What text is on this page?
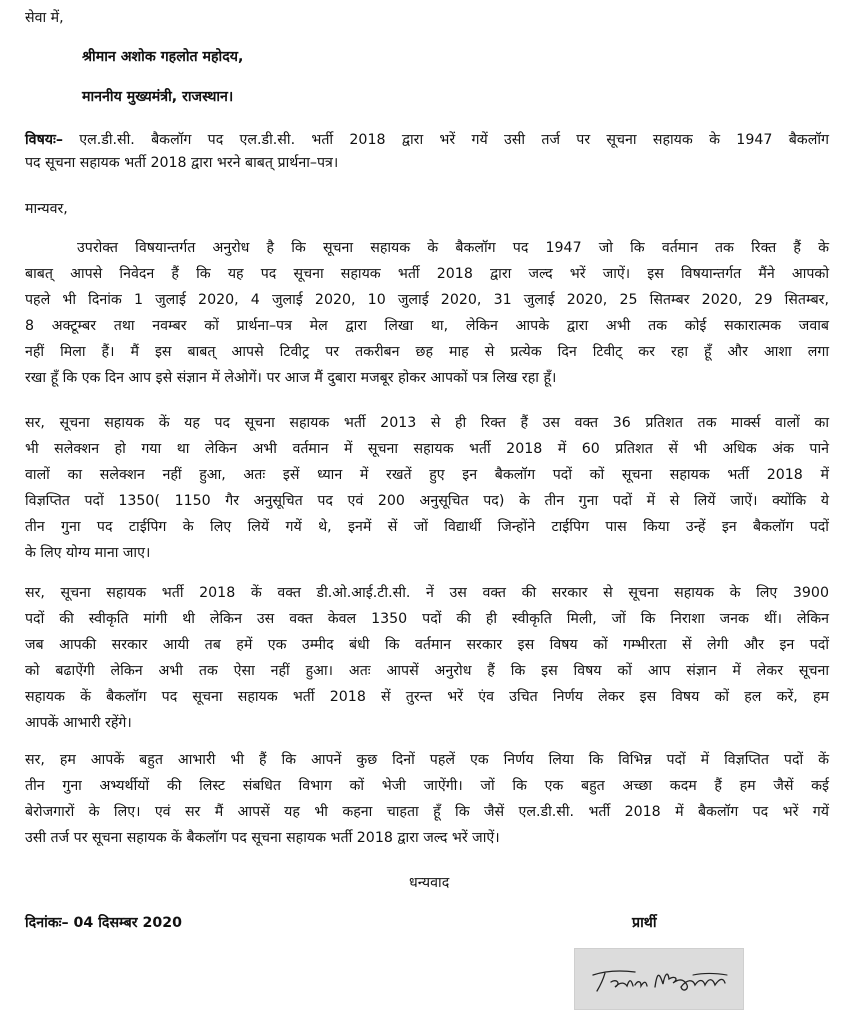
सेवा में,
श्रीमान अशोक गहलोत महोदय,
माननीय मुख्यमंत्री, राजस्थान।
विषयः– एल.डी.सी. बैकलॉग पद एल.डी.सी. भर्ती 2018 द्वारा भरें गयें उसी तर्ज पर सूचना सहायक के 1947 बैकलॉग
पद सूचना सहायक भर्ती 2018 द्वारा भरने बाबत् प्रार्थना–पत्र।
मान्यवर,
उपरोक्त विषयान्तर्गत अनुरोध है कि सूचना सहायक के बैकलॉग पद 1947 जो कि वर्तमान तक रिक्त हैं के
बाबत् आपसे निवेदन हैं कि यह पद सूचना सहायक भर्ती 2018 द्वारा जल्द भरें जाऐं। इस विषयान्तर्गत मैंने आपको
पहले भी दिनांक 1 जुलाई 2020, 4 जुलाई 2020, 10 जुलाई 2020, 31 जुलाई 2020, 25 सितम्बर 2020, 29 सितम्बर,
8 अक्टूम्बर तथा नवम्बर कों प्रार्थना–पत्र मेल द्वारा लिखा था, लेकिन आपके द्वारा अभी तक कोई सकारात्मक जवाब
नहीं मिला हैं। मैं इस बाबत् आपसे टिवीट्र पर तकरीबन छह माह से प्रत्येक दिन टिवीट् कर रहा हूँ और आशा लगा
रखा हूँ कि एक दिन आप इसे संज्ञान में लेओगें। पर आज मैं दुबारा मजबूर होकर आपकों पत्र लिख रहा हूँ।
सर, सूचना सहायक कें यह पद सूचना सहायक भर्ती 2013 से ही रिक्त हैं उस वक्त 36 प्रतिशत तक मार्क्स वालों का
भी सलेक्शन हो गया था लेकिन अभी वर्तमान में सूचना सहायक भर्ती 2018 में 60 प्रतिशत सें भी अधिक अंक पाने
वालों का सलेक्शन नहीं हुआ, अतः इसें ध्यान में रखतें हुए इन बैकलॉग पदों कों सूचना सहायक भर्ती 2018 में
विज्ञप्तित पदों 1350( 1150 गैर अनुसूचित पद एवं 200 अनुसूचित पद) के तीन गुना पदों में से लियें जाऐं। क्योंकि ये
तीन गुना पद टाईपिग के लिए लियें गयें थे, इनमें सें जों विद्यार्थी जिन्होंने टाईपिग पास किया उन्हें इन बैकलॉग पदों
के लिए योग्य माना जाए।
सर, सूचना सहायक भर्ती 2018 कें वक्त डी.ओ.आई.टी.सी. नें उस वक्त की सरकार से सूचना सहायक के लिए 3900
पदों की स्वीकृति मांगी थी लेकिन उस वक्त केवल 1350 पदों की ही स्वीकृति मिली, जों कि निराशा जनक थीं। लेकिन
जब आपकी सरकार आयी तब हमें एक उम्मीद बंधी कि वर्तमान सरकार इस विषय कों गम्भीरता सें लेगी और इन पदों
को बढाऐंगी लेकिन अभी तक ऐसा नहीं हुआ। अतः आपसें अनुरोध हैं कि इस विषय कों आप संज्ञान में लेकर सूचना
सहायक कें बैकलॉग पद सूचना सहायक भर्ती 2018 सें तुरन्त भरें एंव उचित निर्णय लेकर इस विषय कों हल करें, हम
आपकें आभारी रहेंगे।
सर, हम आपकें बहुत आभारी भी हैं कि आपनें कुछ दिनों पहलें एक निर्णय लिया कि विभिन्न पदों में विज्ञप्तित पदों कें
तीन गुना अभ्यर्थीयों की लिस्ट संबधित विभाग कों भेजी जाऐंगी। जों कि एक बहुत अच्छा कदम हैं हम जैसें कई
बेरोजगारों के लिए। एवं सर मैं आपसें यह भी कहना चाहता हूँ कि जैसें एल.डी.सी. भर्ती 2018 में बैकलॉग पद भरें गयें
उसी तर्ज पर सूचना सहायक कें बैकलॉग पद सूचना सहायक भर्ती 2018 द्वारा जल्द भरें जाऐं।
धन्यवाद
दिनांकः– 04 दिसम्बर 2020	प्रार्थी
